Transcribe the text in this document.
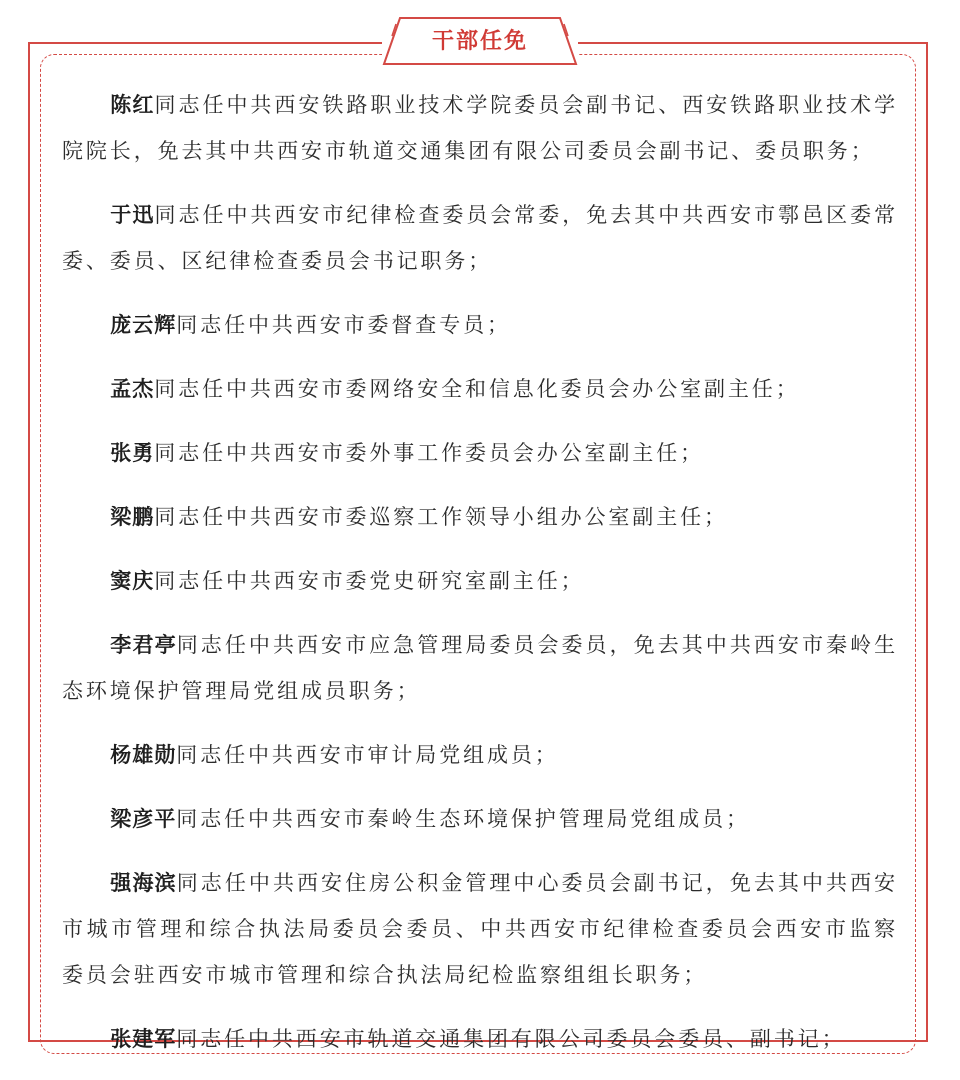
干部任免

陈红同志任中共西安铁路职业技术学院委员会副书记、西安铁路职业技术学院院长，免去其中共西安市轨道交通集团有限公司委员会副书记、委员职务；

于迅同志任中共西安市纪律检查委员会常委，免去其中共西安市鄠邑区委常委、委员、区纪律检查委员会书记职务；

庞云辉同志任中共西安市委督查专员；

孟杰同志任中共西安市委网络安全和信息化委员会办公室副主任；

张勇同志任中共西安市委外事工作委员会办公室副主任；

梁鹏同志任中共西安市委巡察工作领导小组办公室副主任；

窦庆同志任中共西安市委党史研究室副主任；

李君亭同志任中共西安市应急管理局委员会委员，免去其中共西安市秦岭生态环境保护管理局党组成员职务；

杨雄勋同志任中共西安市审计局党组成员；

梁彦平同志任中共西安市秦岭生态环境保护管理局党组成员；

强海滨同志任中共西安住房公积金管理中心委员会副书记，免去其中共西安市城市管理和综合执法局委员会委员、中共西安市纪律检查委员会西安市监察委员会驻西安市城市管理和综合执法局纪检监察组组长职务；

张建军同志任中共西安市轨道交通集团有限公司委员会委员、副书记；
